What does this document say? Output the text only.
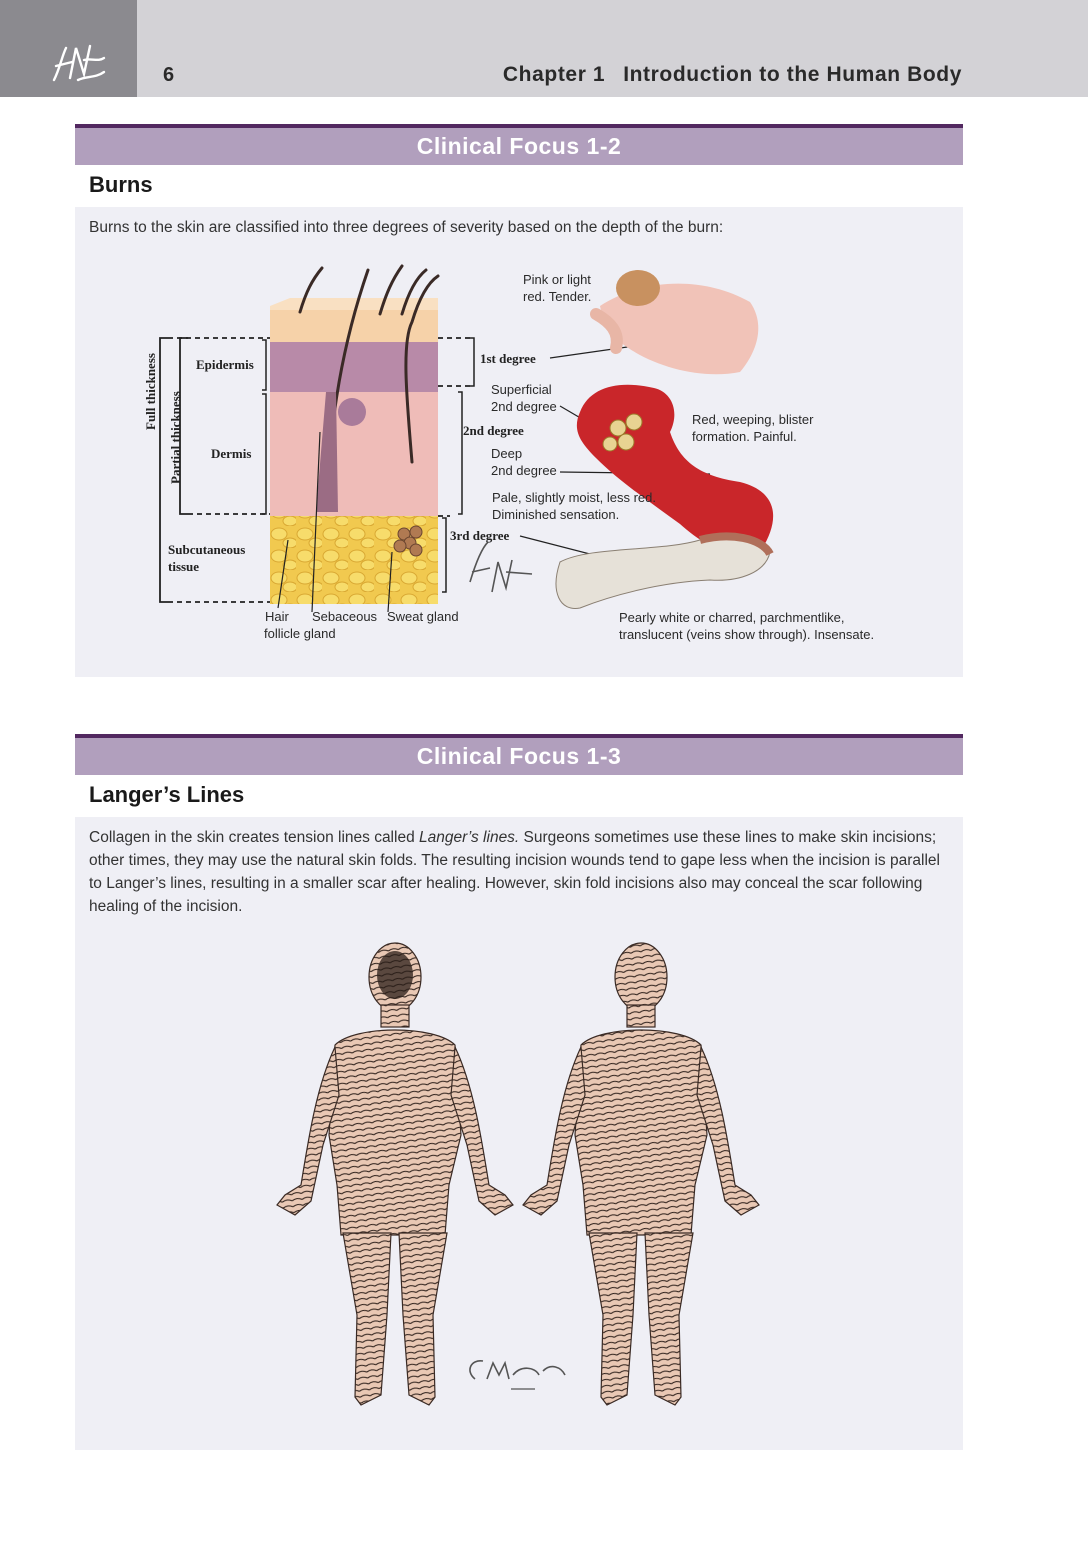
6	Chapter 1 Introduction to the Human Body
Clinical Focus 1-2
Burns
Burns to the skin are classified into three degrees of severity based on the depth of the burn:
Full thickness Partial thickness
Epidermis
Dermis
Subcutaneous
tissue
1st degree
2nd degree
3rd degree
Superficial
2nd degree
Deep
2nd degree
Hair
follicle gland
Sebaceous Sweat gland
Pink or light
red. Tender.
Red, weeping, blister
formation. Painful.
Pale, slightly moist, less red.
Diminished sensation.
Pearly white or charred, parchmentlike,
translucent (veins show through). Insensate.
Clinical Focus 1-3
Langer’s Lines
Collagen in the skin creates tension lines called Langer’s lines. Surgeons sometimes use these lines to make skin incisions; other times, they may use the natural skin folds. The resulting incision wounds tend to gape less when the incision is parallel to Langer’s lines, resulting in a smaller scar after healing. However, skin fold incisions also may conceal the scar following healing of the incision.
